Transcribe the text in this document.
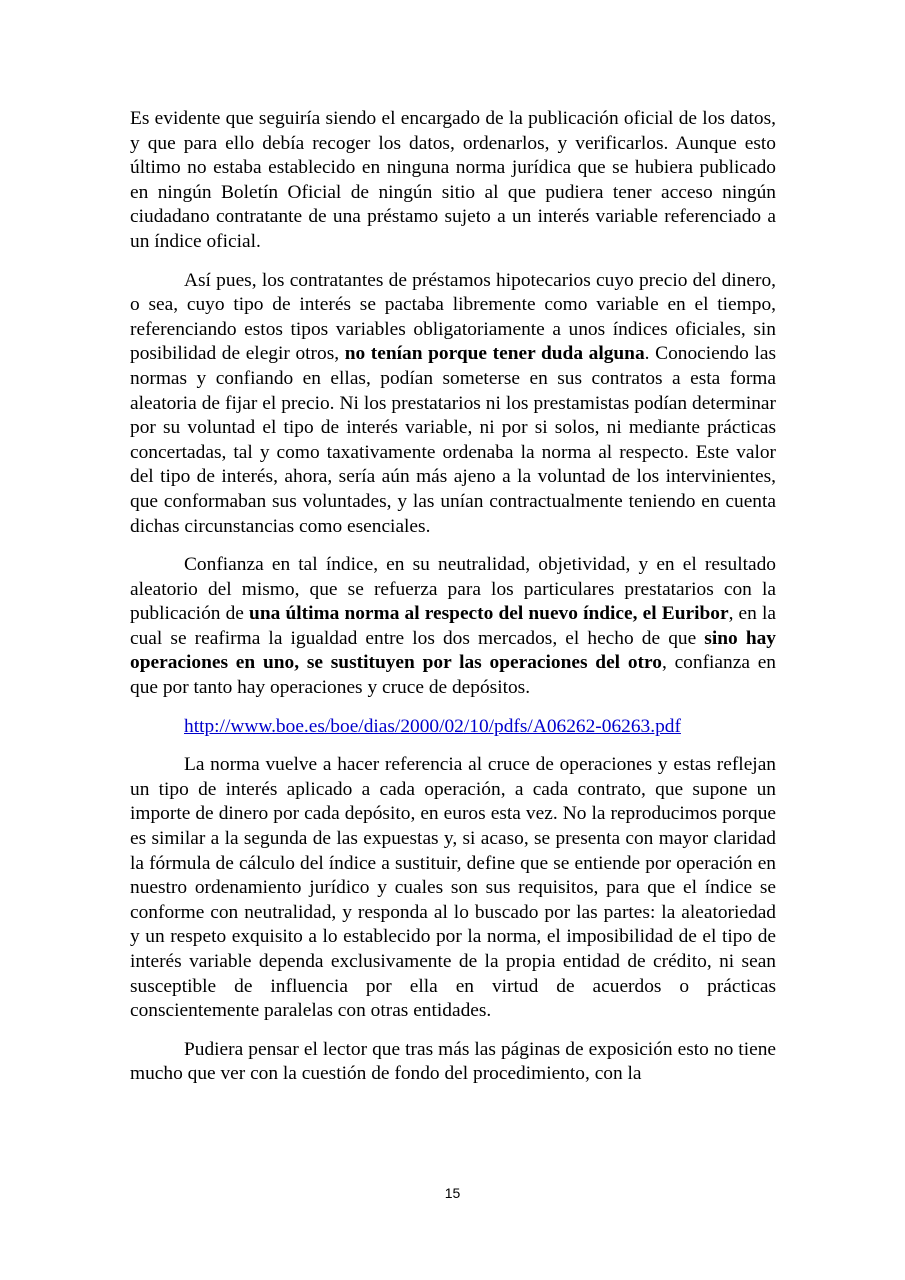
Es evidente que seguiría siendo el encargado de la publicación oficial de los datos, y que para ello debía recoger los datos, ordenarlos, y verificarlos. Aunque esto último no estaba establecido en ninguna norma jurídica que se hubiera publicado en ningún Boletín Oficial de ningún sitio al que pudiera tener acceso ningún ciudadano contratante de una préstamo sujeto a un interés variable referenciado a un índice oficial.

Así pues, los contratantes de préstamos hipotecarios cuyo precio del dinero, o sea, cuyo tipo de interés se pactaba libremente como variable en el tiempo, referenciando estos tipos variables obligatoriamente a unos índices oficiales, sin posibilidad de elegir otros, no tenían porque tener duda alguna. Conociendo las normas y confiando en ellas, podían someterse en sus contratos a esta forma aleatoria de fijar el precio. Ni los prestatarios ni los prestamistas podían determinar por su voluntad el tipo de interés variable, ni por si solos, ni mediante prácticas concertadas, tal y como taxativamente ordenaba la norma al respecto. Este valor del tipo de interés, ahora, sería aún más ajeno a la voluntad de los intervinientes, que conformaban sus voluntades, y las unían contractualmente teniendo en cuenta dichas circunstancias como esenciales.

Confianza en tal índice, en su neutralidad, objetividad, y en el resultado aleatorio del mismo, que se refuerza para los particulares prestatarios con la publicación de una última norma al respecto del nuevo índice, el Euribor, en la cual se reafirma la igualdad entre los dos mercados, el hecho de que sino hay operaciones en uno, se sustituyen por las operaciones del otro, confianza en que por tanto hay operaciones y cruce de depósitos.

http://www.boe.es/boe/dias/2000/02/10/pdfs/A06262-06263.pdf

La norma vuelve a hacer referencia al cruce de operaciones y estas reflejan un tipo de interés aplicado a cada operación, a cada contrato, que supone un importe de dinero por cada depósito, en euros esta vez. No la reproducimos porque es similar a la segunda de las expuestas y, si acaso, se presenta con mayor claridad la fórmula de cálculo del índice a sustituir, define que se entiende por operación en nuestro ordenamiento jurídico y cuales son sus requisitos, para que el índice se conforme con neutralidad, y responda al lo buscado por las partes: la aleatoriedad y un respeto exquisito a lo establecido por la norma, el imposibilidad de el tipo de interés variable dependa exclusivamente de la propia entidad de crédito, ni sean susceptible de influencia por ella en virtud de acuerdos o prácticas conscientemente paralelas con otras entidades.

Pudiera pensar el lector que tras más las páginas de exposición esto no tiene mucho que ver con la cuestión de fondo del procedimiento, con la

15
